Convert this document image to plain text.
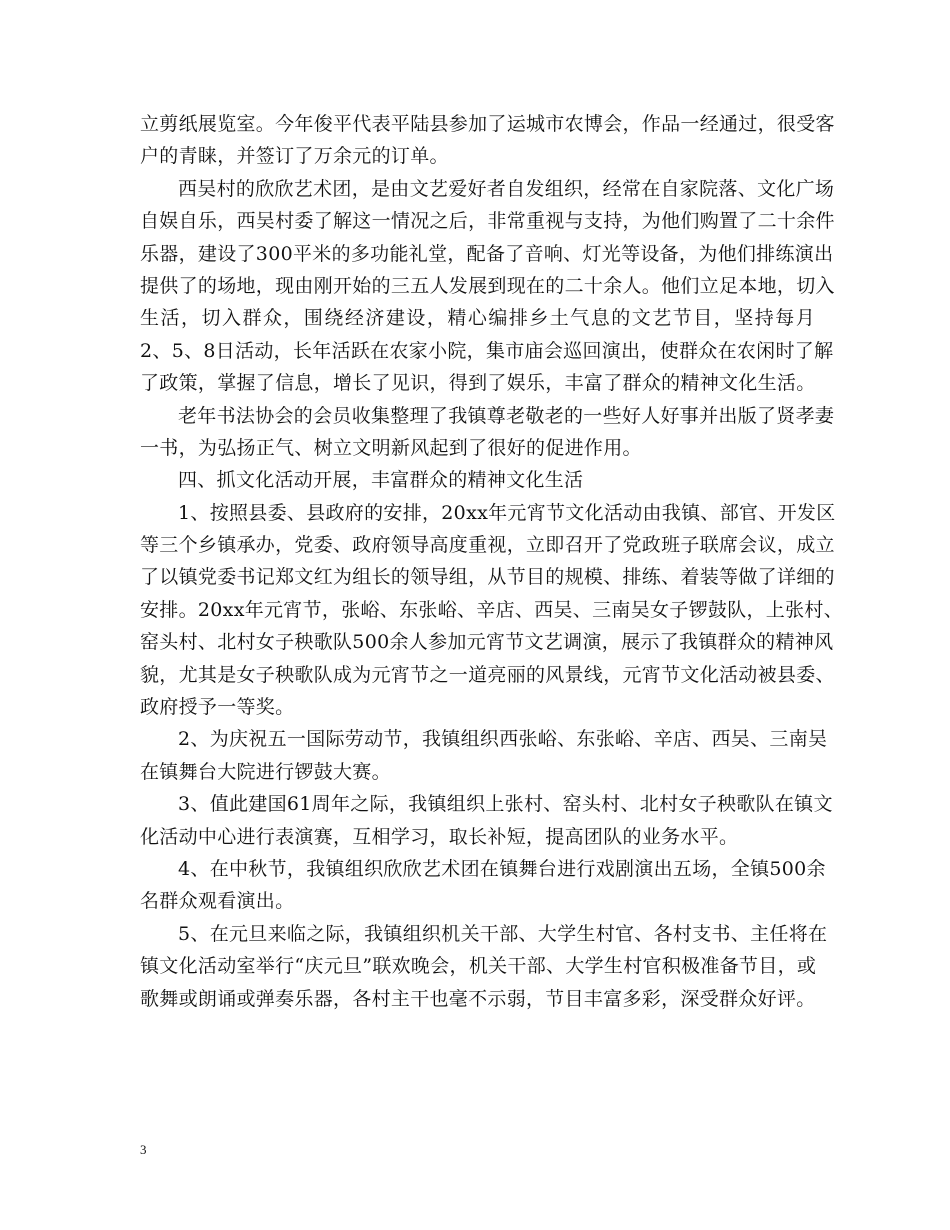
立剪纸展览室。今年俊平代表平陆县参加了运城市农博会，作品一经通过，很受客
户的青睐，并签订了万余元的订单。
西吴村的欣欣艺术团，是由文艺爱好者自发组织，经常在自家院落、文化广场
自娱自乐，西吴村委了解这一情况之后，非常重视与支持，为他们购置了二十余件
乐器，建设了300平米的多功能礼堂，配备了音响、灯光等设备，为他们排练演出
提供了的场地，现由刚开始的三五人发展到现在的二十余人。他们立足本地，切入
生活，切入群众，围绕经济建设，精心编排乡土气息的文艺节目，坚持每月
2、5、8日活动，长年活跃在农家小院，集市庙会巡回演出，使群众在农闲时了解
了政策，掌握了信息，增长了见识，得到了娱乐，丰富了群众的精神文化生活。
老年书法协会的会员收集整理了我镇尊老敬老的一些好人好事并出版了贤孝妻
一书，为弘扬正气、树立文明新风起到了很好的促进作用。
四、抓文化活动开展，丰富群众的精神文化生活
1、按照县委、县政府的安排，20xx年元宵节文化活动由我镇、部官、开发区
等三个乡镇承办，党委、政府领导高度重视，立即召开了党政班子联席会议，成立
了以镇党委书记郑文红为组长的领导组，从节目的规模、排练、着装等做了详细的
安排。20xx年元宵节，张峪、东张峪、辛店、西吴、三南吴女子锣鼓队，上张村、
窑头村、北村女子秧歌队500余人参加元宵节文艺调演，展示了我镇群众的精神风
貌，尤其是女子秧歌队成为元宵节之一道亮丽的风景线，元宵节文化活动被县委、
政府授予一等奖。
2、为庆祝五一国际劳动节，我镇组织西张峪、东张峪、辛店、西吴、三南吴
在镇舞台大院进行锣鼓大赛。
3、值此建国61周年之际，我镇组织上张村、窑头村、北村女子秧歌队在镇文
化活动中心进行表演赛，互相学习，取长补短，提高团队的业务水平。
4、在中秋节，我镇组织欣欣艺术团在镇舞台进行戏剧演出五场，全镇500余
名群众观看演出。
5、在元旦来临之际，我镇组织机关干部、大学生村官、各村支书、主任将在
镇文化活动室举行“庆元旦”联欢晚会，机关干部、大学生村官积极准备节目，或
歌舞或朗诵或弹奏乐器，各村主干也毫不示弱，节目丰富多彩，深受群众好评。
3
